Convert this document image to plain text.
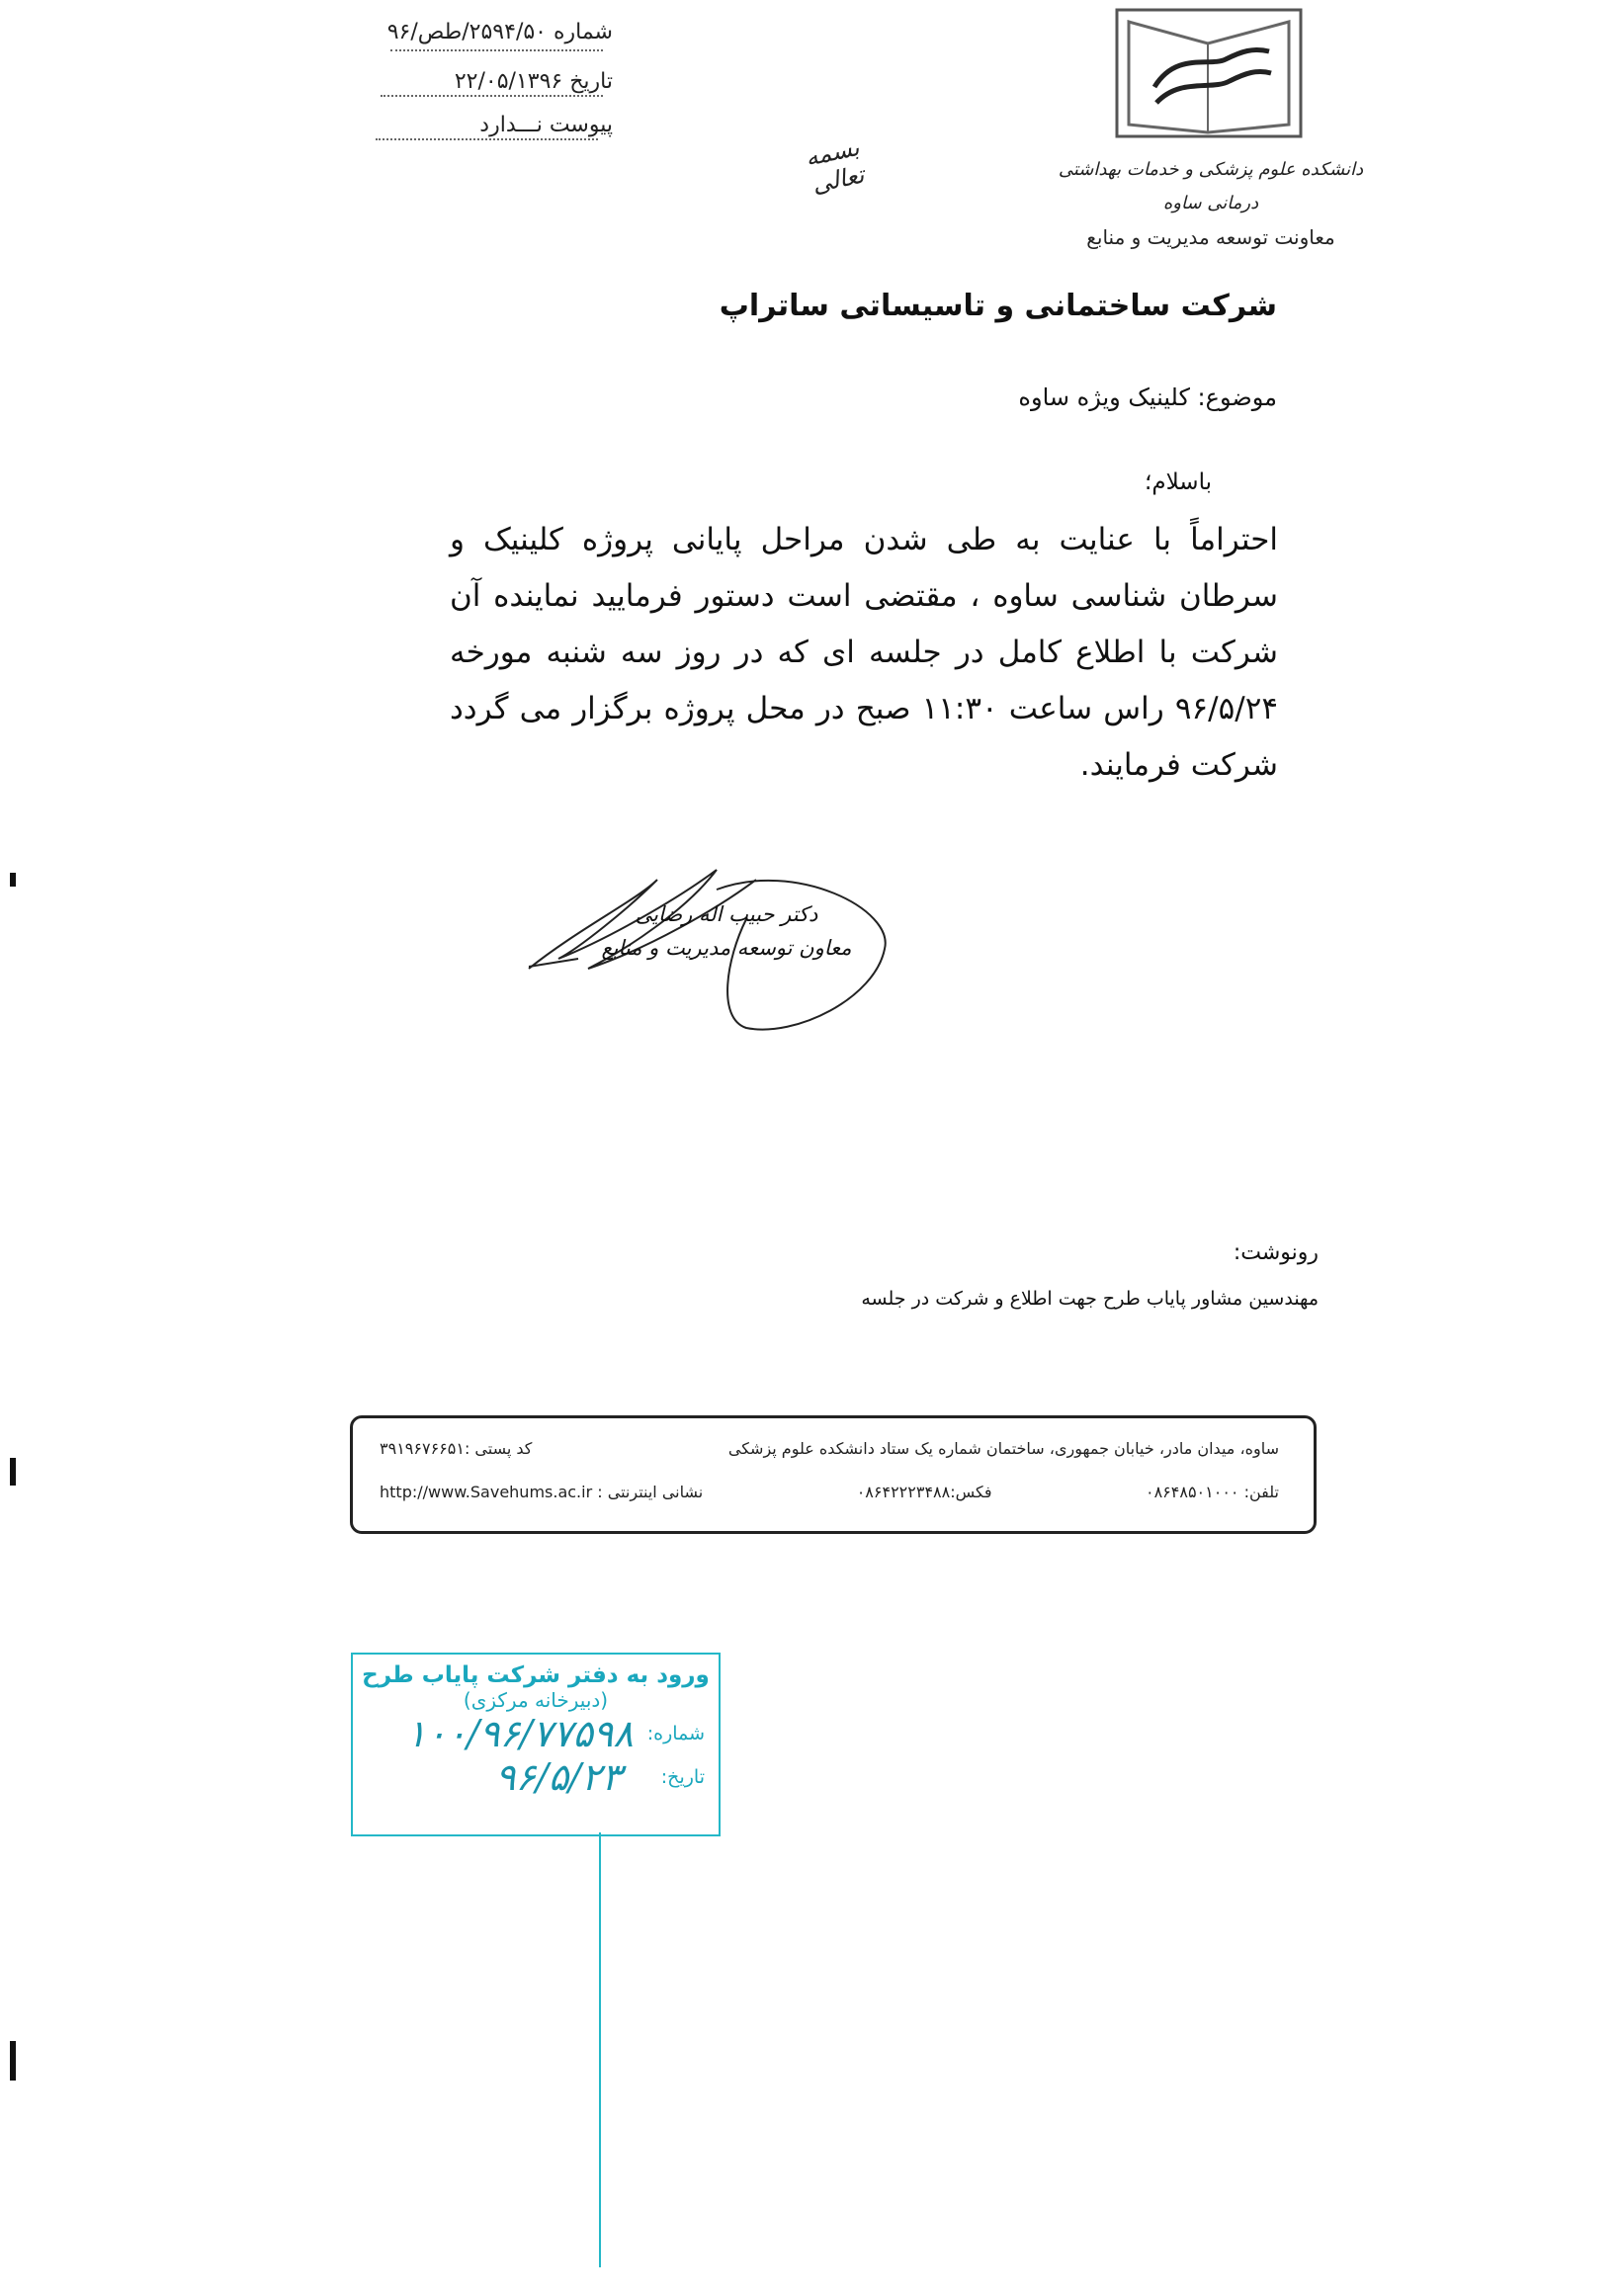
شماره ۲۵۹۴/۵۰/طص/۹۶
تاریخ ۲۲/۰۵/۱۳۹۶
پیوست نـــدارد
بسمه تعالی	دانشکده علوم پزشکی و خدمات بهداشتی درمانی ساوه
معاونت توسعه مدیریت و منابع
شرکت ساختمانی و تاسیساتی ساتراپ
موضوع: کلینیک ویژه ساوه
باسلام؛
احتراماً با عنایت به طی شدن مراحل پایانی پروژه کلینیک و سرطان شناسی ساوه ، مقتضی است دستور فرمایید نماینده آن شرکت با اطلاع کامل در جلسه ای که در روز سه شنبه مورخه ۹۶/۵/۲۴ راس ساعت ۱۱:۳۰ صبح در محل پروژه برگزار می گردد شرکت فرمایند.
دکتر حبیب اله رضایی
معاون توسعه مدیریت و منابع
رونوشت:
مهندسین مشاور پایاب طرح جهت اطلاع و شرکت در جلسه
ساوه، میدان مادر، خیابان جمهوری، ساختمان شماره یک ستاد دانشکده علوم پزشکی
کد پستی :۳۹۱۹۶۷۶۶۵۱
تلفن: ۰۸۶۴۸۵۰۱۰۰۰
فکس:۰۸۶۴۲۲۲۳۴۸۸
نشانی اینترنتی : http://www.Savehums.ac.ir
ورود به دفتر شرکت پایاب طرح
(دبیرخانه مرکزی)
شماره:
۱۰۰/۹۶/۷۷۵۹۸
تاریخ:
۹۶/۵/۲۳
